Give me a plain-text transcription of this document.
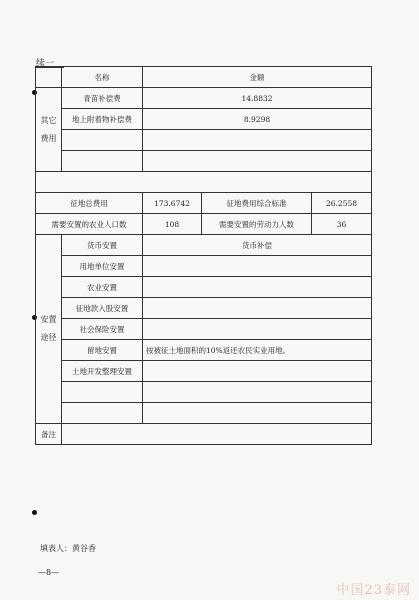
续一
	名称	金额		
其它费用	青苗补偿费	14.8832		
	地上附着物补偿费	8.9298		

征地总费用		173.6742	征地费用综合标准	26.2558
需要安置的农业人口数		108	需要安置的劳动力人数	36
安置途径	货币安置	货币补偿		
	用地单位安置			
	农业安置			
	征地款入股安置			
	社会保险安置			
	留地安置	按被征土地面积的10%返还农民实业用地。		
	土地开发整理安置			

备注				
填表人：黄谷香
—8—
中国23泰网
